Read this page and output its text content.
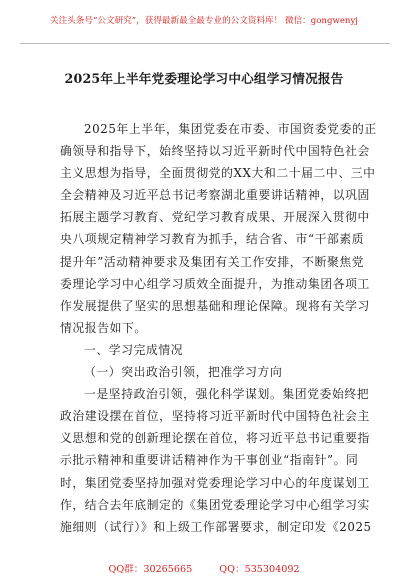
关注头条号“公文研究”，获得最新最全最专业的公文资料库！ 微信：gongwenyj
2025年上半年党委理论学习中心组学习情况报告
2025年上半年，集团党委在市委、市国资委党委的正
确领导和指导下，始终坚持以习近平新时代中国特色社会
主义思想为指导，全面贯彻党的XX大和二十届二中、三中
全会精神及习近平总书记考察湖北重要讲话精神，以巩固
拓展主题学习教育、党纪学习教育成果、开展深入贯彻中
央八项规定精神学习教育为抓手，结合省、市“干部素质
提升年”活动精神要求及集团有关工作安排，不断聚焦党
委理论学习中心组学习质效全面提升，为推动集团各项工
作发展提供了坚实的思想基础和理论保障。现将有关学习
情况报告如下。
一、学习完成情况
（一）突出政治引领，把准学习方向
一是坚持政治引领，强化科学谋划。集团党委始终把
政治建设摆在首位，坚持将习近平新时代中国特色社会主
义思想和党的创新理论摆在首位，将习近平总书记重要指
示批示精神和重要讲话精神作为干事创业“指南针”。同
时，集团党委坚持加强对党委理论学习中心的年度谋划工
作，结合去年底制定的《集团党委理论学习中心组学习实
施细则（试行）》和上级工作部署要求，制定印发《2025
QQ群：30265665	QQ：535304092
